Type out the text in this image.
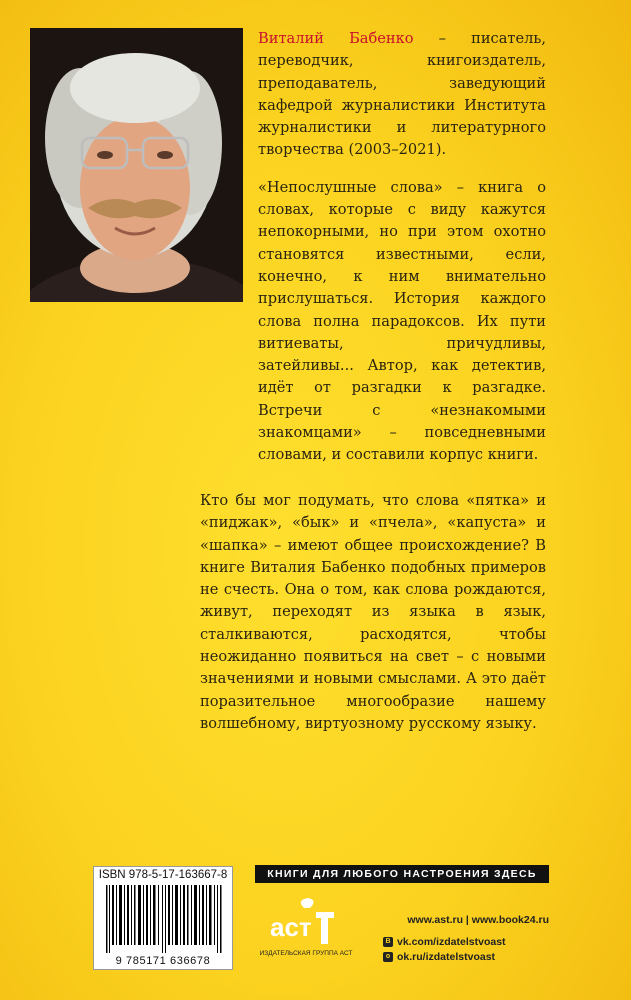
Виталий Бабенко – писатель, переводчик, книгоиздатель, преподаватель, заведующий кафедрой журналистики Института журналистики и литературного творчества (2003–2021).

«Непослушные слова» – книга о словах, которые с виду кажутся непокорными, но при этом охотно становятся известными, если, конечно, к ним внимательно прислушаться. История каждого слова полна парадоксов. Их пути витиеваты, причудливы, затейливы... Автор, как детектив, идёт от разгадки к разгадке. Встречи с «незнакомыми знакомцами» – повседневными словами, и составили корпус книги.

Кто бы мог подумать, что слова «пятка» и «пиджак», «бык» и «пчела», «капуста» и «шапка» – имеют общее происхождение? В книге Виталия Бабенко подобных примеров не счесть. Она о том, как слова рождаются, живут, переходят из языка в язык, сталкиваются, расходятся, чтобы неожиданно появиться на свет – с новыми значениями и новыми смыслами. А это даёт поразительное многообразие нашему волшебному, виртуозному русскому языку.

ISBN 978-5-17-163667-8
9 785171 636678
КНИГИ ДЛЯ ЛЮБОГО НАСТРОЕНИЯ ЗДЕСЬ
аст
ИЗДАТЕЛЬСКАЯ ГРУППА АСТ
www.ast.ru | www.book24.ru
B vk.com/izdatelstvoast
o ok.ru/izdatelstvoast
